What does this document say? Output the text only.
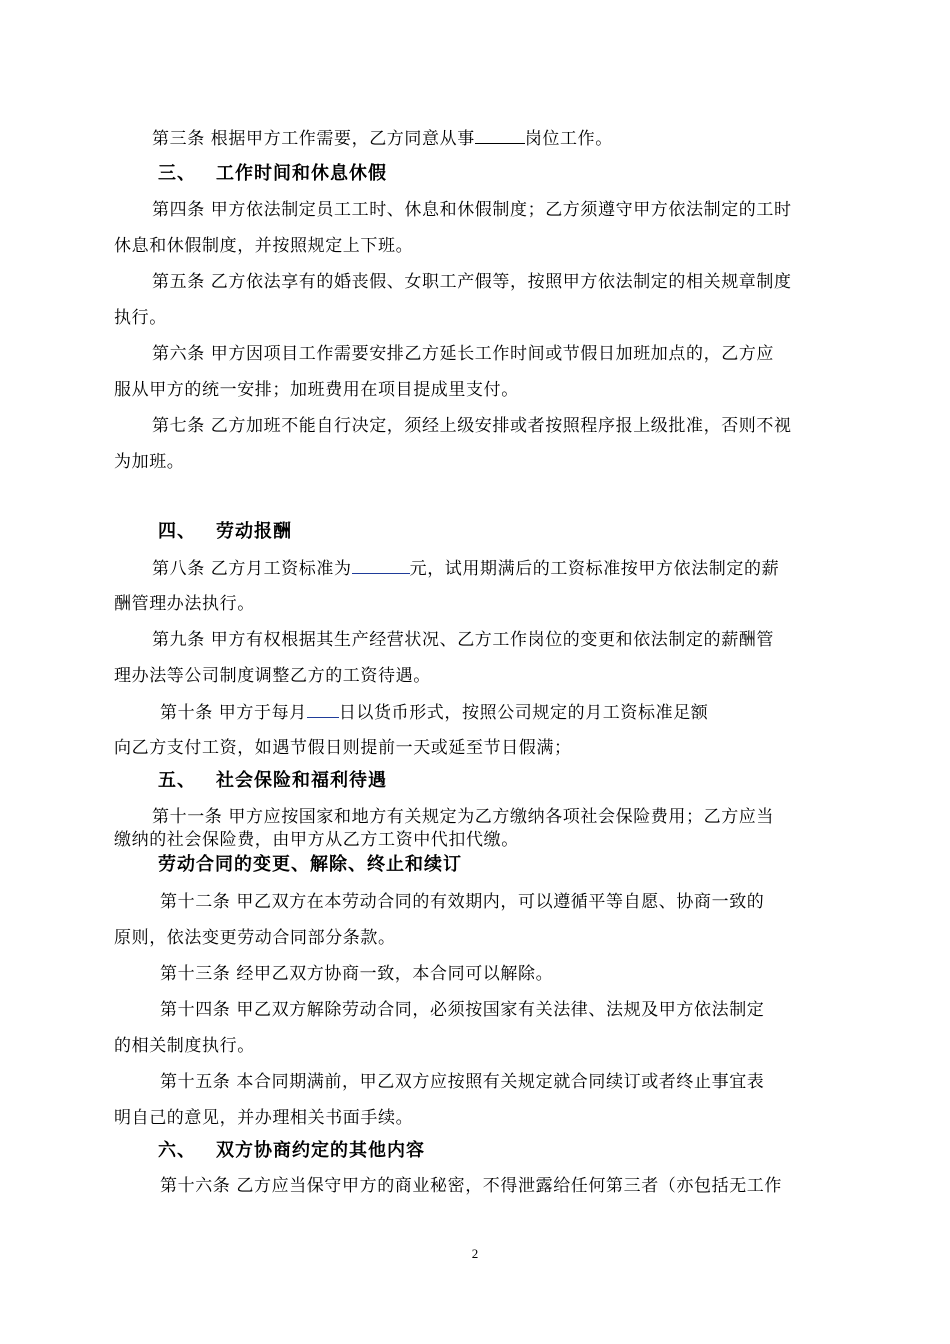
第三条 根据甲方工作需要，乙方同意从事	岗位工作。
三、 工作时间和休息休假
第四条 甲方依法制定员工工时、休息和休假制度；乙方须遵守甲方依法制定的工时
休息和休假制度，并按照规定上下班。
第五条 乙方依法享有的婚丧假、女职工产假等，按照甲方依法制定的相关规章制度
执行。
第六条 甲方因项目工作需要安排乙方延长工作时间或节假日加班加点的，乙方应
服从甲方的统一安排；加班费用在项目提成里支付。
第七条 乙方加班不能自行决定，须经上级安排或者按照程序报上级批准，否则不视
为加班。
四、 劳动报酬
第八条 乙方月工资标准为	元，试用期满后的工资标准按甲方依法制定的薪
酬管理办法执行。
第九条 甲方有权根据其生产经营状况、乙方工作岗位的变更和依法制定的薪酬管
理办法等公司制度调整乙方的工资待遇。
第十条 甲方于每月 日以货币形式，按照公司规定的月工资标准足额
向乙方支付工资，如遇节假日则提前一天或延至节日假满；
五、 社会保险和福利待遇
第十一条 甲方应按国家和地方有关规定为乙方缴纳各项社会保险费用；乙方应当
缴纳的社会保险费，由甲方从乙方工资中代扣代缴。
劳动合同的变更、解除、终止和续订
第十二条 甲乙双方在本劳动合同的有效期内，可以遵循平等自愿、协商一致的
原则，依法变更劳动合同部分条款。
第十三条 经甲乙双方协商一致，本合同可以解除。
第十四条 甲乙双方解除劳动合同，必须按国家有关法律、法规及甲方依法制定
的相关制度执行。
第十五条 本合同期满前，甲乙双方应按照有关规定就合同续订或者终止事宜表
明自己的意见，并办理相关书面手续。
六、 双方协商约定的其他内容
第十六条 乙方应当保守甲方的商业秘密，不得泄露给任何第三者（亦包括无工作
2
